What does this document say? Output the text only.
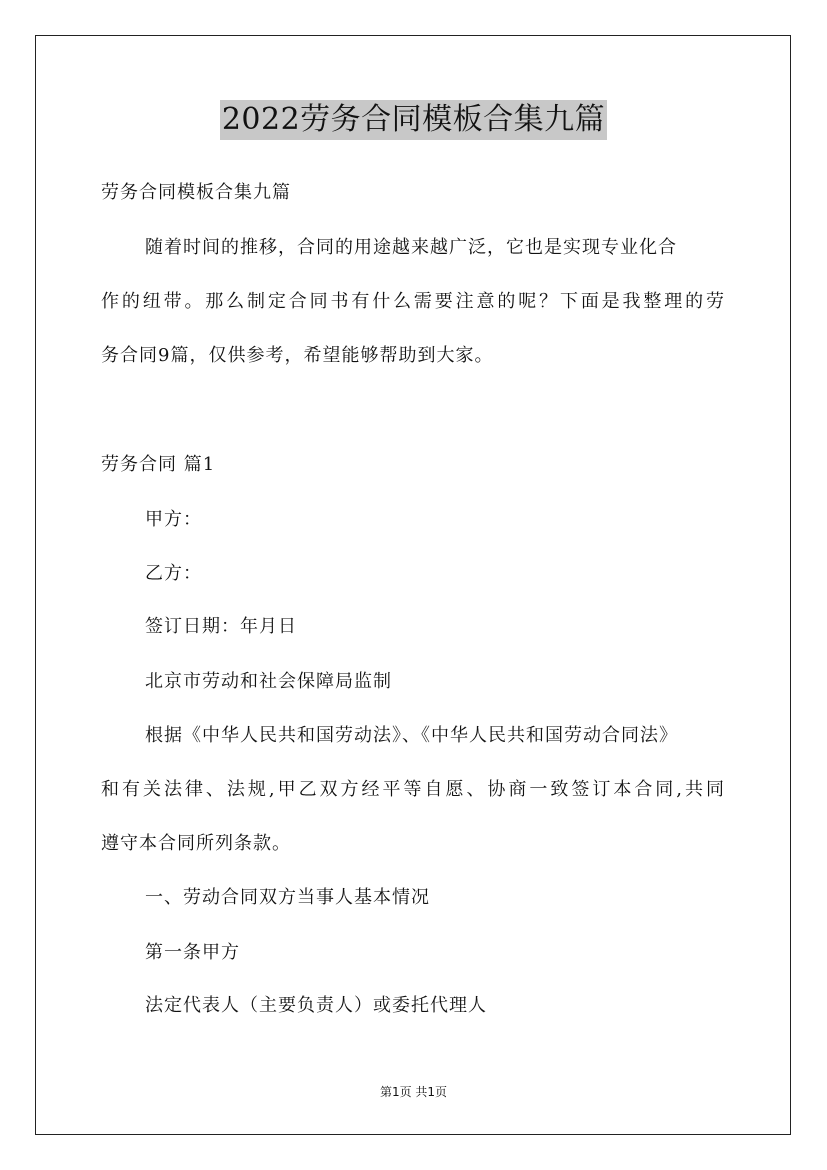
2022劳务合同模板合集九篇
劳务合同模板合集九篇
随着时间的推移，合同的用途越来越广泛，它也是实现专业化合
作的纽带。那么制定合同书有什么需要注意的呢？下面是我整理的劳
务合同9篇，仅供参考，希望能够帮助到大家。
劳务合同 篇1
甲方：
乙方：
签订日期：年月日
北京市劳动和社会保障局监制
根据《中华人民共和国劳动法》、《中华人民共和国劳动合同法》
和有关法律、法规,甲乙双方经平等自愿、协商一致签订本合同,共同
遵守本合同所列条款。
一、劳动合同双方当事人基本情况
第一条甲方
法定代表人（主要负责人）或委托代理人
第1页 共1页
